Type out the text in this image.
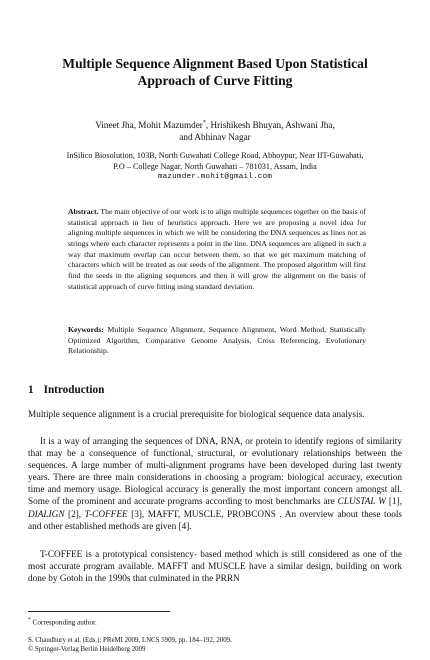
Multiple Sequence Alignment Based Upon Statistical
Approach of Curve Fitting
Vineet Jha, Mohit Mazumder*, Hrishikesh Bhuyan, Ashwani Jha,
and Abhinav Nagar
InSilico Biosolution, 103B, North Guwahati College Road, Abhoypur, Near IIT-Guwahati,
P.O – College Nagar, North Guwahati – 781031, Assam, India
mazumder.mohit@gmail.com
Abstract. The main objective of our work is to align multiple sequences together on the basis of statistical approach in lieu of heuristics approach. Here we are proposing a novel idea for aligning multiple sequences in which we will be considering the DNA sequences as lines not as strings where each character represents a point in the line. DNA sequences are aligned in such a way that maximum overlap can occur between them, so that we get maximum matching of characters which will be treated as our seeds of the alignment. The proposed algorithm will first find the seeds in the aligning sequences and then it will grow the alignment on the basis of statistical approach of curve fitting using standard deviation.
Keywords: Multiple Sequence Alignment, Sequence Alignment, Word Method, Statistically Optimized Algorithm, Comparative Genome Analysis, Cross Referencing, Evolutionary Relationship.
1 Introduction
Multiple sequence alignment is a crucial prerequisite for biological sequence data analysis.
It is a way of arranging the sequences of DNA, RNA, or protein to identify regions of similarity that may be a consequence of functional, structural, or evolutionary relationships between the sequences. A large number of multi-alignment programs have been developed during last twenty years. There are three main considerations in choosing a program: biological accuracy, execution time and memory usage. Biological accuracy is generally the most important concern amongst all. Some of the prominent and accurate programs according to most benchmarks are CLUSTAL W [1], DIALIGN [2], T-COFFEE [3], MAFFT, MUSCLE, PROBCONS . An overview about these tools and other established methods are given [4].
T-COFFEE is a prototypical consistency- based method which is still considered as one of the most accurate program available. MAFFT and MUSCLE have a similar design, building on work done by Gotoh in the 1990s that culminated in the PRRN
* Corresponding author.
S. Chaudhury et al. (Eds.): PReMI 2009, LNCS 5909, pp. 184–192, 2009.
© Springer-Verlag Berlin Heidelberg 2009
